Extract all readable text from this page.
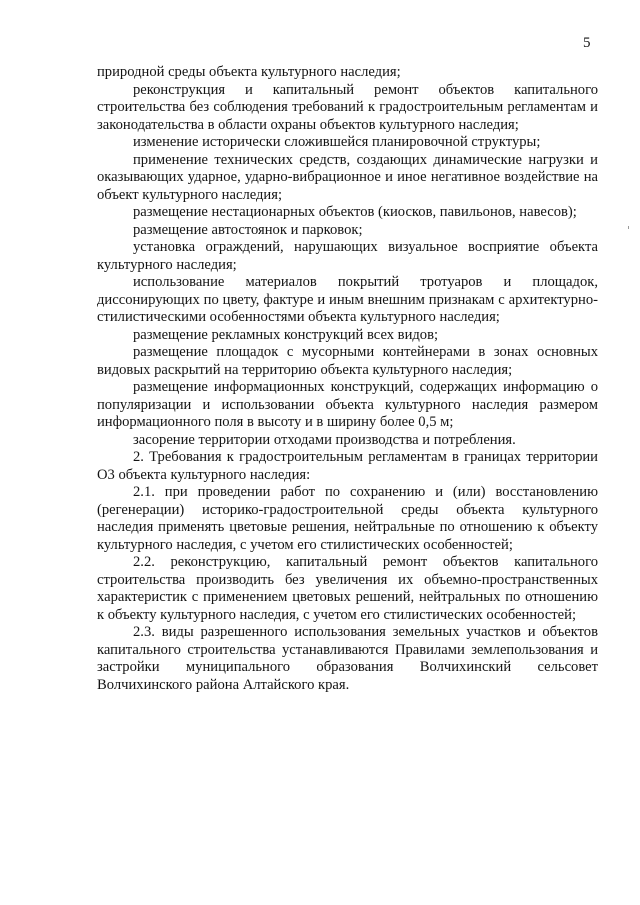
5

природной среды объекта культурного наследия;

реконструкция и капитальный ремонт объектов капитального строительства без соблюдения требований к градостроительным регламентам и законодательства в области охраны объектов культурного наследия;

изменение исторически сложившейся планировочной структуры;

применение технических средств, создающих динамические нагрузки и оказывающих ударное, ударно-вибрационное и иное негативное воздействие на объект культурного наследия;

размещение нестационарных объектов (киосков, павильонов, навесов);

размещение автостоянок и парковок;

установка ограждений, нарушающих визуальное восприятие объекта культурного наследия;

использование материалов покрытий тротуаров и площадок, диссонирующих по цвету, фактуре и иным внешним признакам с архитектурно-стилистическими особенностями объекта культурного наследия;

размещение рекламных конструкций всех видов;

размещение площадок с мусорными контейнерами в зонах основных видовых раскрытий на территорию объекта культурного наследия;

размещение информационных конструкций, содержащих информацию о популяризации и использовании объекта культурного наследия размером информационного поля в высоту и в ширину более 0,5 м;

засорение территории отходами производства и потребления.

2. Требования к градостроительным регламентам в границах территории О3 объекта культурного наследия:

2.1. при проведении работ по сохранению и (или) восстановлению (регенерации) историко-градостроительной среды объекта культурного наследия применять цветовые решения, нейтральные по отношению к объекту культурного наследия, с учетом его стилистических особенностей;

2.2. реконструкцию, капитальный ремонт объектов капитального строительства производить без увеличения их объемно-пространственных характеристик с применением цветовых решений, нейтральных по отношению к объекту культурного наследия, с учетом его стилистических особенностей;

2.3. виды разрешенного использования земельных участков и объектов капитального строительства устанавливаются Правилами землепользования и застройки муниципального образования Волчихинский сельсовет Волчихинского района Алтайского края.
